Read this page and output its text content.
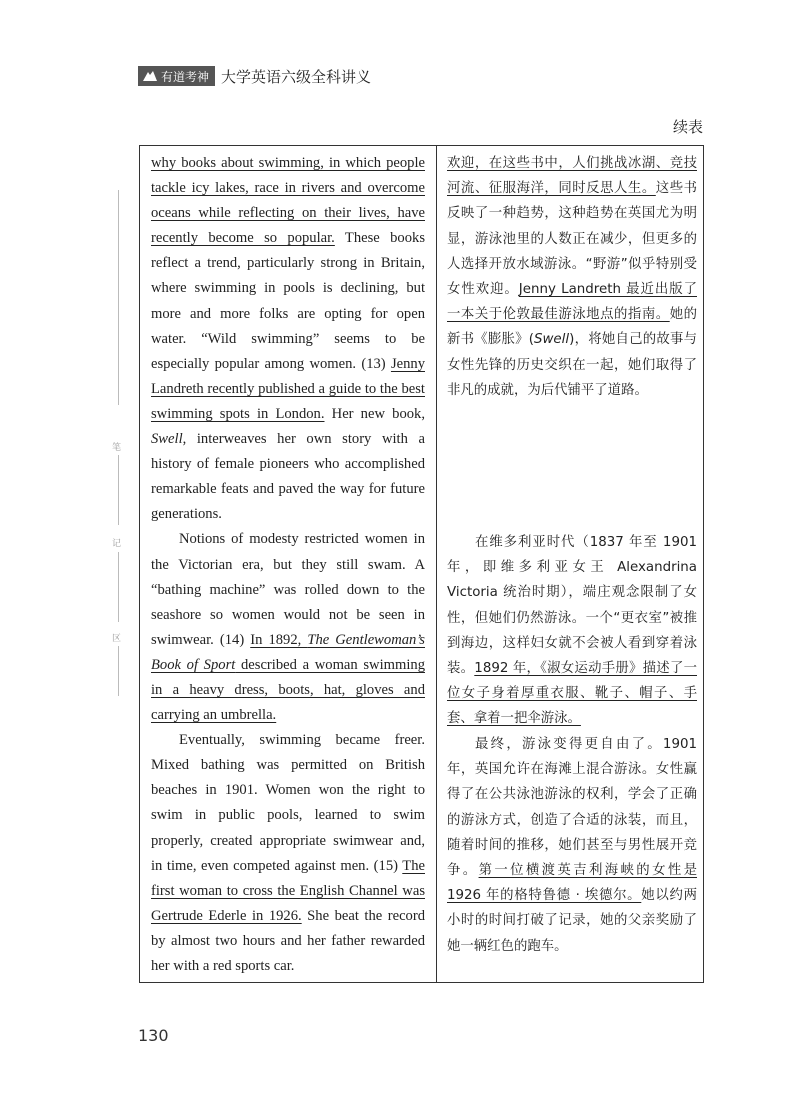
有道考神 大学英语六级全科讲义
续表
笔
记
区

why books about swimming, in which people tackle icy lakes, race in rivers and overcome oceans while reflecting on their lives, have recently become so popular. These books reflect a trend, particularly strong in Britain, where swimming in pools is declining, but more and more folks are opting for open water. “Wild swimming” seems to be especially popular among women. (13) Jenny Landreth recently published a guide to the best swimming spots in London. Her new book, Swell, interweaves her own story with a history of female pioneers who accomplished remarkable feats and paved the way for future generations.

Notions of modesty restricted women in the Victorian era, but they still swam. A “bathing machine” was rolled down to the seashore so women would not be seen in swimwear. (14) In 1892, The Gentlewoman’s Book of Sport described a woman swimming in a heavy dress, boots, hat, gloves and carrying an umbrella.

Eventually, swimming became freer. Mixed bathing was permitted on British beaches in 1901. Women won the right to swim in public pools, learned to swim properly, created appropriate swimwear and, in time, even competed against men. (15) The first woman to cross the English Channel was Gertrude Ederle in 1926. She beat the record by almost two hours and her father rewarded her with a red sports car.

欢迎，在这些书中，人们挑战冰湖、竞技河流、征服海洋，同时反思人生。这些书反映了一种趋势，这种趋势在英国尤为明显，游泳池里的人数正在减少，但更多的人选择开放水域游泳。“野游”似乎特别受女性欢迎。Jenny Landreth 最近出版了一本关于伦敦最佳游泳地点的指南。她的新书《膨胀》(Swell)，将她自己的故事与女性先锋的历史交织在一起，她们取得了非凡的成就，为后代铺平了道路。

在维多利亚时代（1837 年至 1901 年，即维多利亚女王 Alexandrina Victoria 统治时期），端庄观念限制了女性，但她们仍然游泳。一个“更衣室”被推到海边，这样妇女就不会被人看到穿着泳装。1892 年，《淑女运动手册》描述了一位女子身着厚重衣服、靴子、帽子、手套、拿着一把伞游泳。

最终，游泳变得更自由了。1901 年，英国允许在海滩上混合游泳。女性赢得了在公共泳池游泳的权利，学会了正确的游泳方式，创造了合适的泳装，而且，随着时间的推移，她们甚至与男性展开竞争。第一位横渡英吉利海峡的女性是 1926 年的格特鲁德 · 埃德尔。她以约两小时的时间打破了记录，她的父亲奖励了她一辆红色的跑车。

130
